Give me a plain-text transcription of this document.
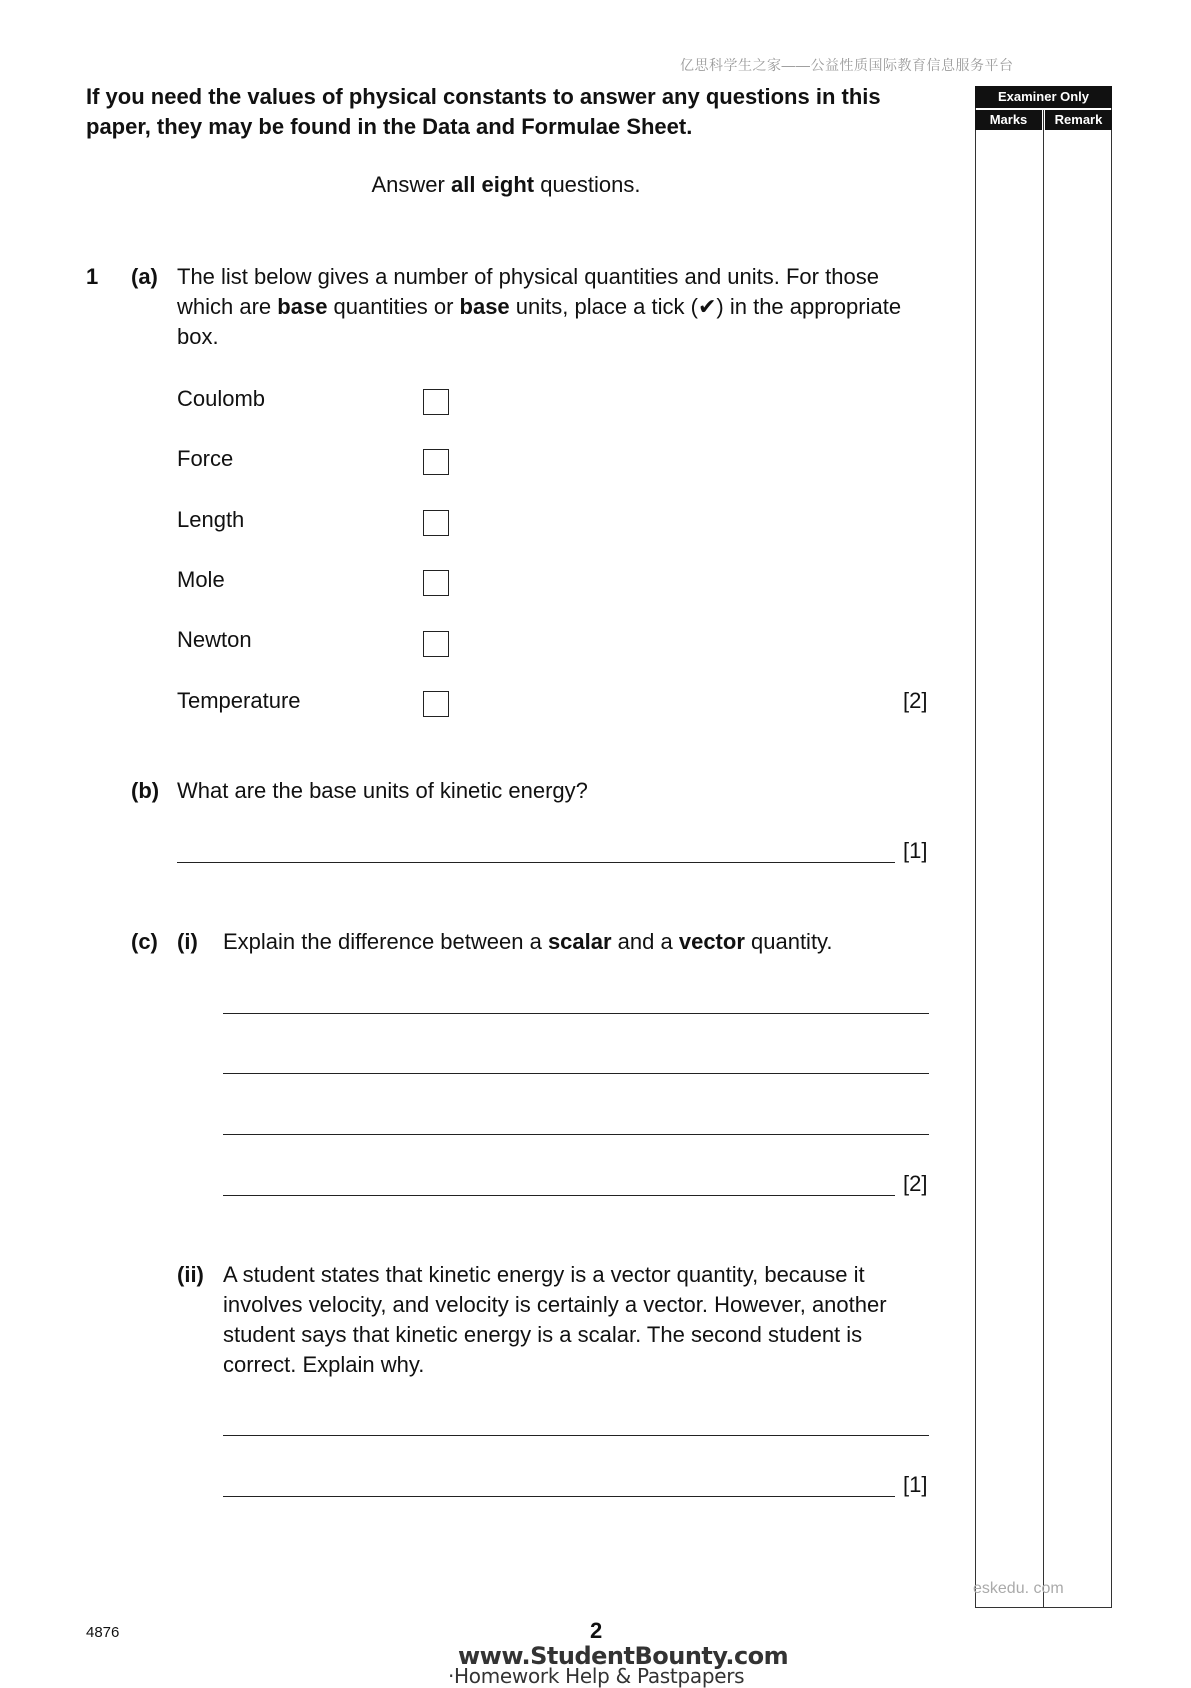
亿思科学生之家——公益性质国际教育信息服务平台
If you need the values of physical constants to answer any questions in this paper, they may be found in the Data and Formulae Sheet.
Answer all eight questions.
Examiner Only
Marks	Remark
1 (a) The list below gives a number of physical quantities and units. For those which are base quantities or base units, place a tick (✔) in the appropriate box.
Coulomb
Force
Length
Mole
Newton
Temperature	[2]
(b) What are the base units of kinetic energy?
[1]
(c) (i) Explain the difference between a scalar and a vector quantity.
[2]
(ii) A student states that kinetic energy is a vector quantity, because it involves velocity, and velocity is certainly a vector. However, another student says that kinetic energy is a scalar. The second student is correct. Explain why.
[1]
eskedu. com
4876	2
www.StudentBounty.com
·Homework Help & Pastpapers
